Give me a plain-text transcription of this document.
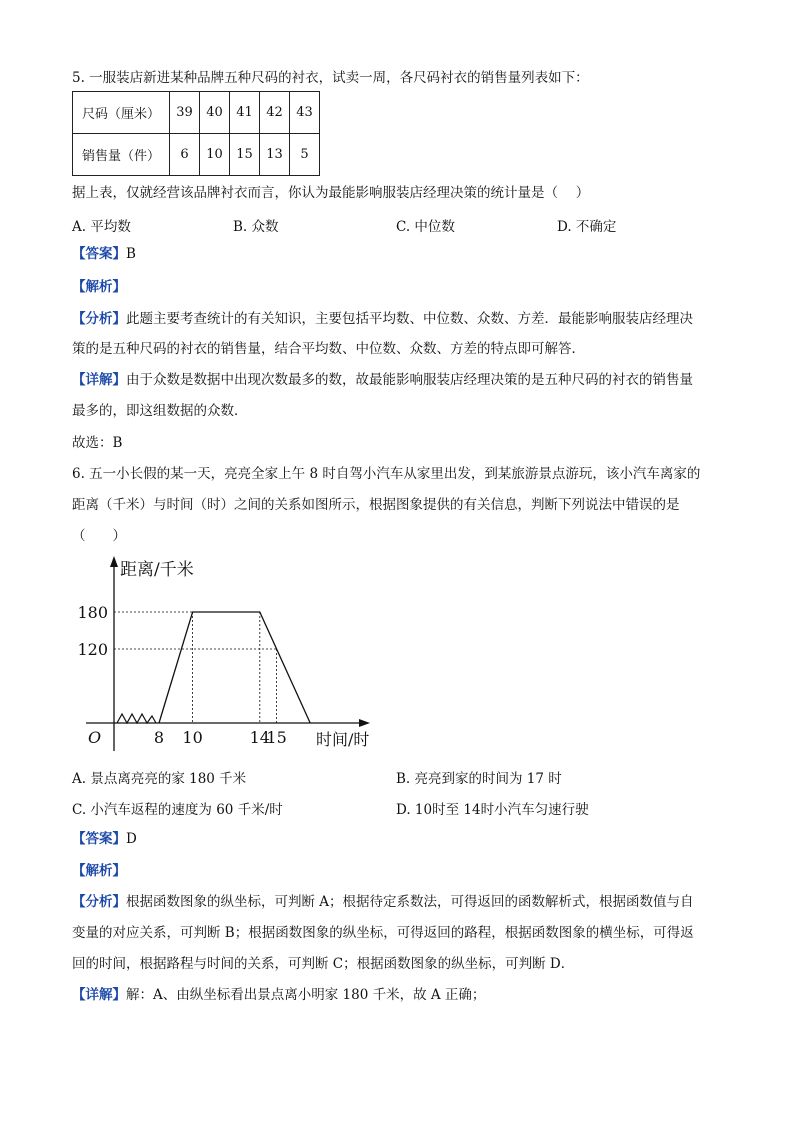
5. 一服装店新进某种品牌五种尺码的衬衣，试卖一周，各尺码衬衣的销售量列表如下：
尺码（厘米）	39	40	41	42	43
销售量（件）	6	10	15	13	5
据上表，仅就经营该品牌衬衣而言，你认为最能影响服装店经理决策的统计量是（　 ）
A. 平均数	B. 众数	C. 中位数	D. 不确定
【答案】B
【解析】
【分析】此题主要考查统计的有关知识，主要包括平均数、中位数、众数、方差．最能影响服装店经理决
策的是五种尺码的衬衣的销售量，结合平均数、中位数、众数、方差的特点即可解答．
【详解】由于众数是数据中出现次数最多的数，故最能影响服装店经理决策的是五种尺码的衬衣的销售量
最多的，即这组数据的众数．
故选：B
6. 五一小长假的某一天，亮亮全家上午 8 时自驾小汽车从家里出发，到某旅游景点游玩，该小汽车离家的
距离（千米）与时间（时）之间的关系如图所示，根据图象提供的有关信息，判断下列说法中错误的是
（　　）
距离/千米
时间/时
O	8 10	14
15
180
120
A. 景点离亮亮的家 180 千米	B. 亮亮到家的时间为 17 时
C. 小汽车返程的速度为 60 千米/时	D. 10时至 14时小汽车匀速行驶
【答案】D
【解析】
【分析】根据函数图象的纵坐标，可判断 A；根据待定系数法，可得返回的函数解析式，根据函数值与自
变量的对应关系，可判断 B；根据函数图象的纵坐标，可得返回的路程，根据函数图象的横坐标，可得返
回的时间，根据路程与时间的关系，可判断 C；根据函数图象的纵坐标，可判断 D．
【详解】解：A、由纵坐标看出景点离小明家 180 千米，故 A 正确；
